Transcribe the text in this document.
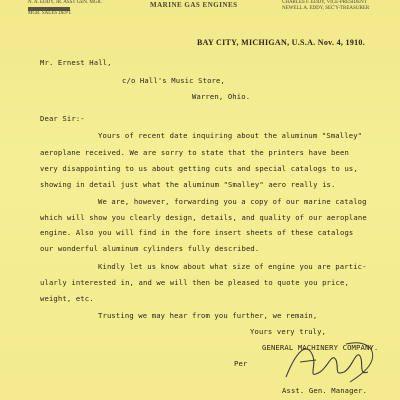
N. A. EDDY, JR. ASST GEN. MGR.
MGR. SALES DEPT.
MARINE GAS ENGINES	CHARLES F. EDDY, VICE-PRESIDENT
NEWELL A. EDDY, SEC'Y-TREASURER
BAY CITY, MICHIGAN, U.S.A. Nov. 4, 1910.
Mr. Ernest Hall,
c/o Hall's Music Store,
Warren, Ohio.
Dear Sir:-
Yours of recent date inquiring about the aluminum "Smalley"
aeroplane received. We are sorry to state that the printers have been
very disappointing to us about getting cuts and special catalogs to us,
showing in detail just what the aluminum "Smalley" aero really is.
We are, however, forwarding you a copy of our marine catalog
which will show you clearly design, details, and quality of our aeroplane
engine. Also you will find in the fore insert sheets of these catalogs
our wonderful aluminum cylinders fully described.
Kindly let us know about what size of engine you are partic-
ularly interested in, and we will then be pleased to quote you price,
weight, etc.
Trusting we may hear from you further, we remain,
Yours very truly,
GENERAL MACHINERY COMPANY.
Per
Asst. Gen. Manager.
